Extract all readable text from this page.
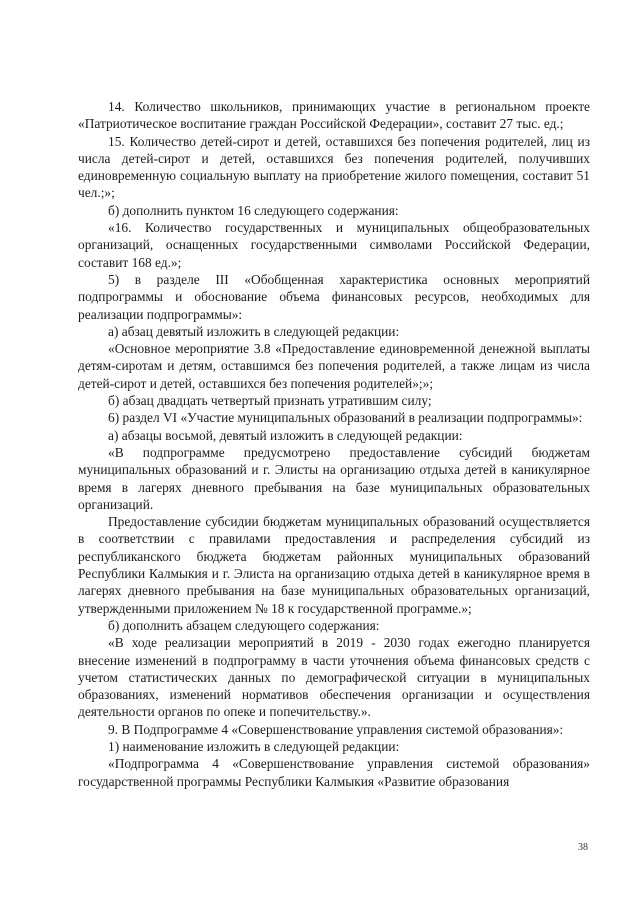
14. Количество школьников, принимающих участие в региональном проекте «Патриотическое воспитание граждан Российской Федерации», составит 27 тыс. ед.;

15. Количество детей-сирот и детей, оставшихся без попечения родителей, лиц из числа детей-сирот и детей, оставшихся без попечения родителей, получивших единовременную социальную выплату на приобретение жилого помещения, составит 51 чел.;»;

б) дополнить пунктом 16 следующего содержания:

«16. Количество государственных и муниципальных общеобразовательных организаций, оснащенных государственными символами Российской Федерации, составит 168 ед.»;

5) в разделе III «Обобщенная характеристика основных мероприятий подпрограммы и обоснование объема финансовых ресурсов, необходимых для реализации подпрограммы»:

а) абзац девятый изложить в следующей редакции:

«Основное мероприятие 3.8 «Предоставление единовременной денежной выплаты детям-сиротам и детям, оставшимся без попечения родителей, а также лицам из числа детей-сирот и детей, оставшихся без попечения родителей»;»;

б) абзац двадцать четвертый признать утратившим силу;

6) раздел VI «Участие муниципальных образований в реализации подпрограммы»:

а) абзацы восьмой, девятый изложить в следующей редакции:

«В подпрограмме предусмотрено предоставление субсидий бюджетам муниципальных образований и г. Элисты на организацию отдыха детей в каникулярное время в лагерях дневного пребывания на базе муниципальных образовательных организаций.

Предоставление субсидии бюджетам муниципальных образований осуществляется в соответствии с правилами предоставления и распределения субсидий из республиканского бюджета бюджетам районных муниципальных образований Республики Калмыкия и г. Элиста на организацию отдыха детей в каникулярное время в лагерях дневного пребывания на базе муниципальных образовательных организаций, утвержденными приложением № 18 к государственной программе.»;

б) дополнить абзацем следующего содержания:

«В ходе реализации мероприятий в 2019 - 2030 годах ежегодно планируется внесение изменений в подпрограмму в части уточнения объема финансовых средств с учетом статистических данных по демографической ситуации в муниципальных образованиях, изменений нормативов обеспечения организации и осуществления деятельности органов по опеке и попечительству.».

9. В Подпрограмме 4 «Совершенствование управления системой образования»:

1) наименование изложить в следующей редакции:

«Подпрограмма 4 «Совершенствование управления системой образования» государственной программы Республики Калмыкия «Развитие образования

38
